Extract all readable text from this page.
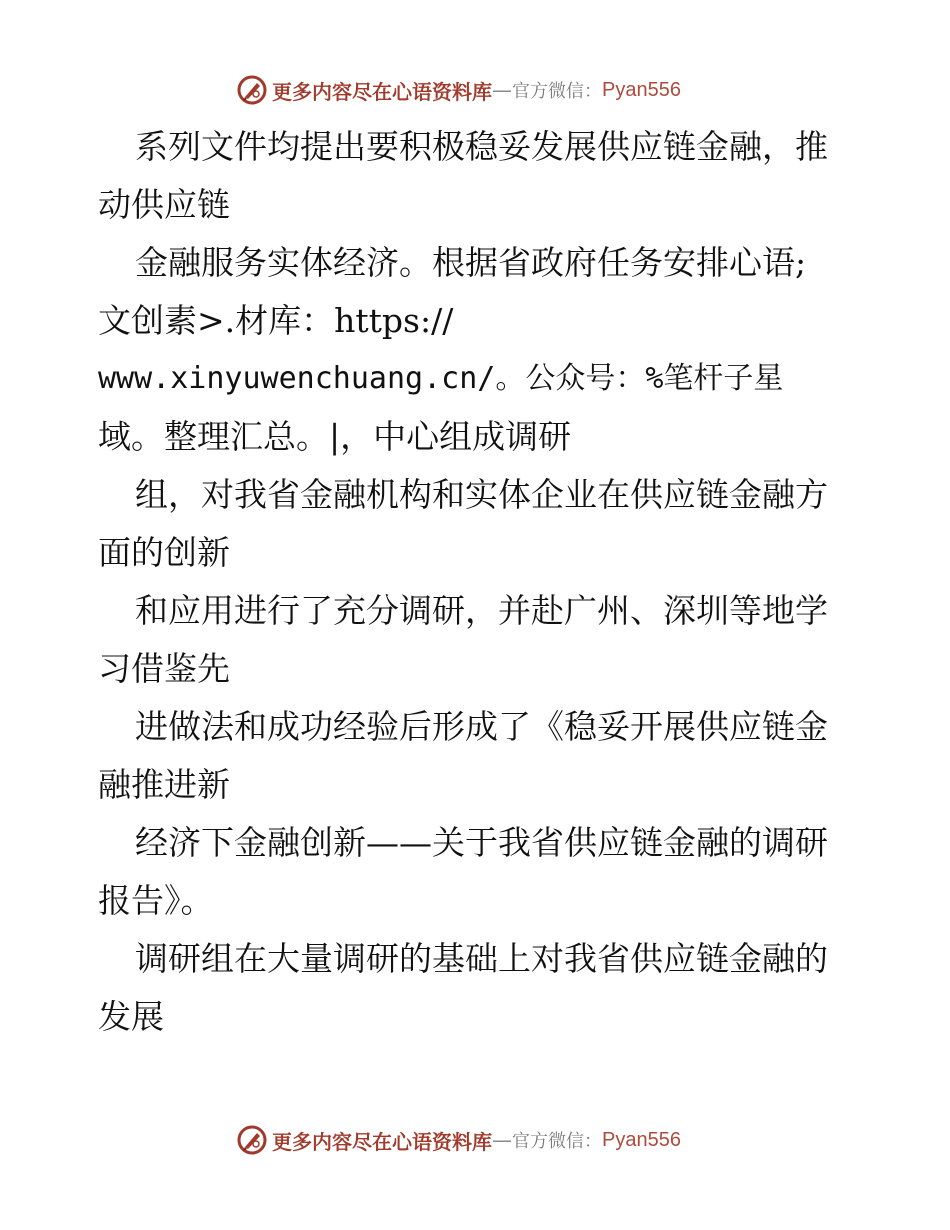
更多内容尽在心语资料库 — 官方微信： Pyan556
系列文件均提出要积极稳妥发展供应链金融，推
动供应链
金融服务实体经济。根据省政府任务安排心语;
文创素>.材库：https://
www.xinyuwenchuang.cn/。公众号：%笔杆子星
域。整理汇总。|，中心组成调研
组，对我省金融机构和实体企业在供应链金融方
面的创新
和应用进行了充分调研，并赴广州、深圳等地学
习借鉴先
进做法和成功经验后形成了《稳妥开展供应链金
融推进新
经济下金融创新——关于我省供应链金融的调研
报告》。
调研组在大量调研的基础上对我省供应链金融的
发展
更多内容尽在心语资料库 — 官方微信： Pyan556
